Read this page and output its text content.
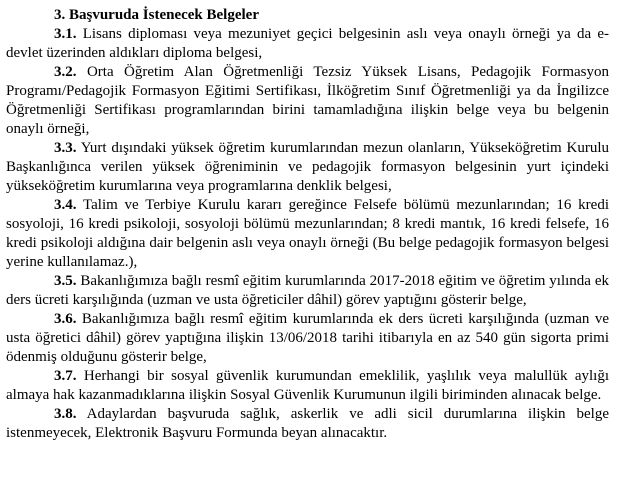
3. Başvuruda İstenecek Belgeler

3.1. Lisans diploması veya mezuniyet geçici belgesinin aslı veya onaylı örneği ya da e-devlet üzerinden aldıkları diploma belgesi,

3.2. Orta Öğretim Alan Öğretmenliği Tezsiz Yüksek Lisans, Pedagojik Formasyon Programı/Pedagojik Formasyon Eğitimi Sertifikası, İlköğretim Sınıf Öğretmenliği ya da İngilizce Öğretmenliği Sertifikası programlarından birini tamamladığına ilişkin belge veya bu belgenin onaylı örneği,

3.3. Yurt dışındaki yüksek öğretim kurumlarından mezun olanların, Yükseköğretim Kurulu Başkanlığınca verilen yüksek öğreniminin ve pedagojik formasyon belgesinin yurt içindeki yükseköğretim kurumlarına veya programlarına denklik belgesi,

3.4. Talim ve Terbiye Kurulu kararı gereğince Felsefe bölümü mezunlarından; 16 kredi sosyoloji, 16 kredi psikoloji, sosyoloji bölümü mezunlarından; 8 kredi mantık, 16 kredi felsefe, 16 kredi psikoloji aldığına dair belgenin aslı veya onaylı örneği (Bu belge pedagojik formasyon belgesi yerine kullanılamaz.),

3.5. Bakanlığımıza bağlı resmî eğitim kurumlarında 2017-2018 eğitim ve öğretim yılında ek ders ücreti karşılığında (uzman ve usta öğreticiler dâhil) görev yaptığını gösterir belge,

3.6. Bakanlığımıza bağlı resmî eğitim kurumlarında ek ders ücreti karşılığında (uzman ve usta öğretici dâhil) görev yaptığına ilişkin 13/06/2018 tarihi itibarıyla en az 540 gün sigorta primi ödenmiş olduğunu gösterir belge,

3.7. Herhangi bir sosyal güvenlik kurumundan emeklilik, yaşlılık veya malullük aylığı almaya hak kazanmadıklarına ilişkin Sosyal Güvenlik Kurumunun ilgili biriminden alınacak belge.

3.8. Adaylardan başvuruda sağlık, askerlik ve adli sicil durumlarına ilişkin belge istenmeyecek, Elektronik Başvuru Formunda beyan alınacaktır.
